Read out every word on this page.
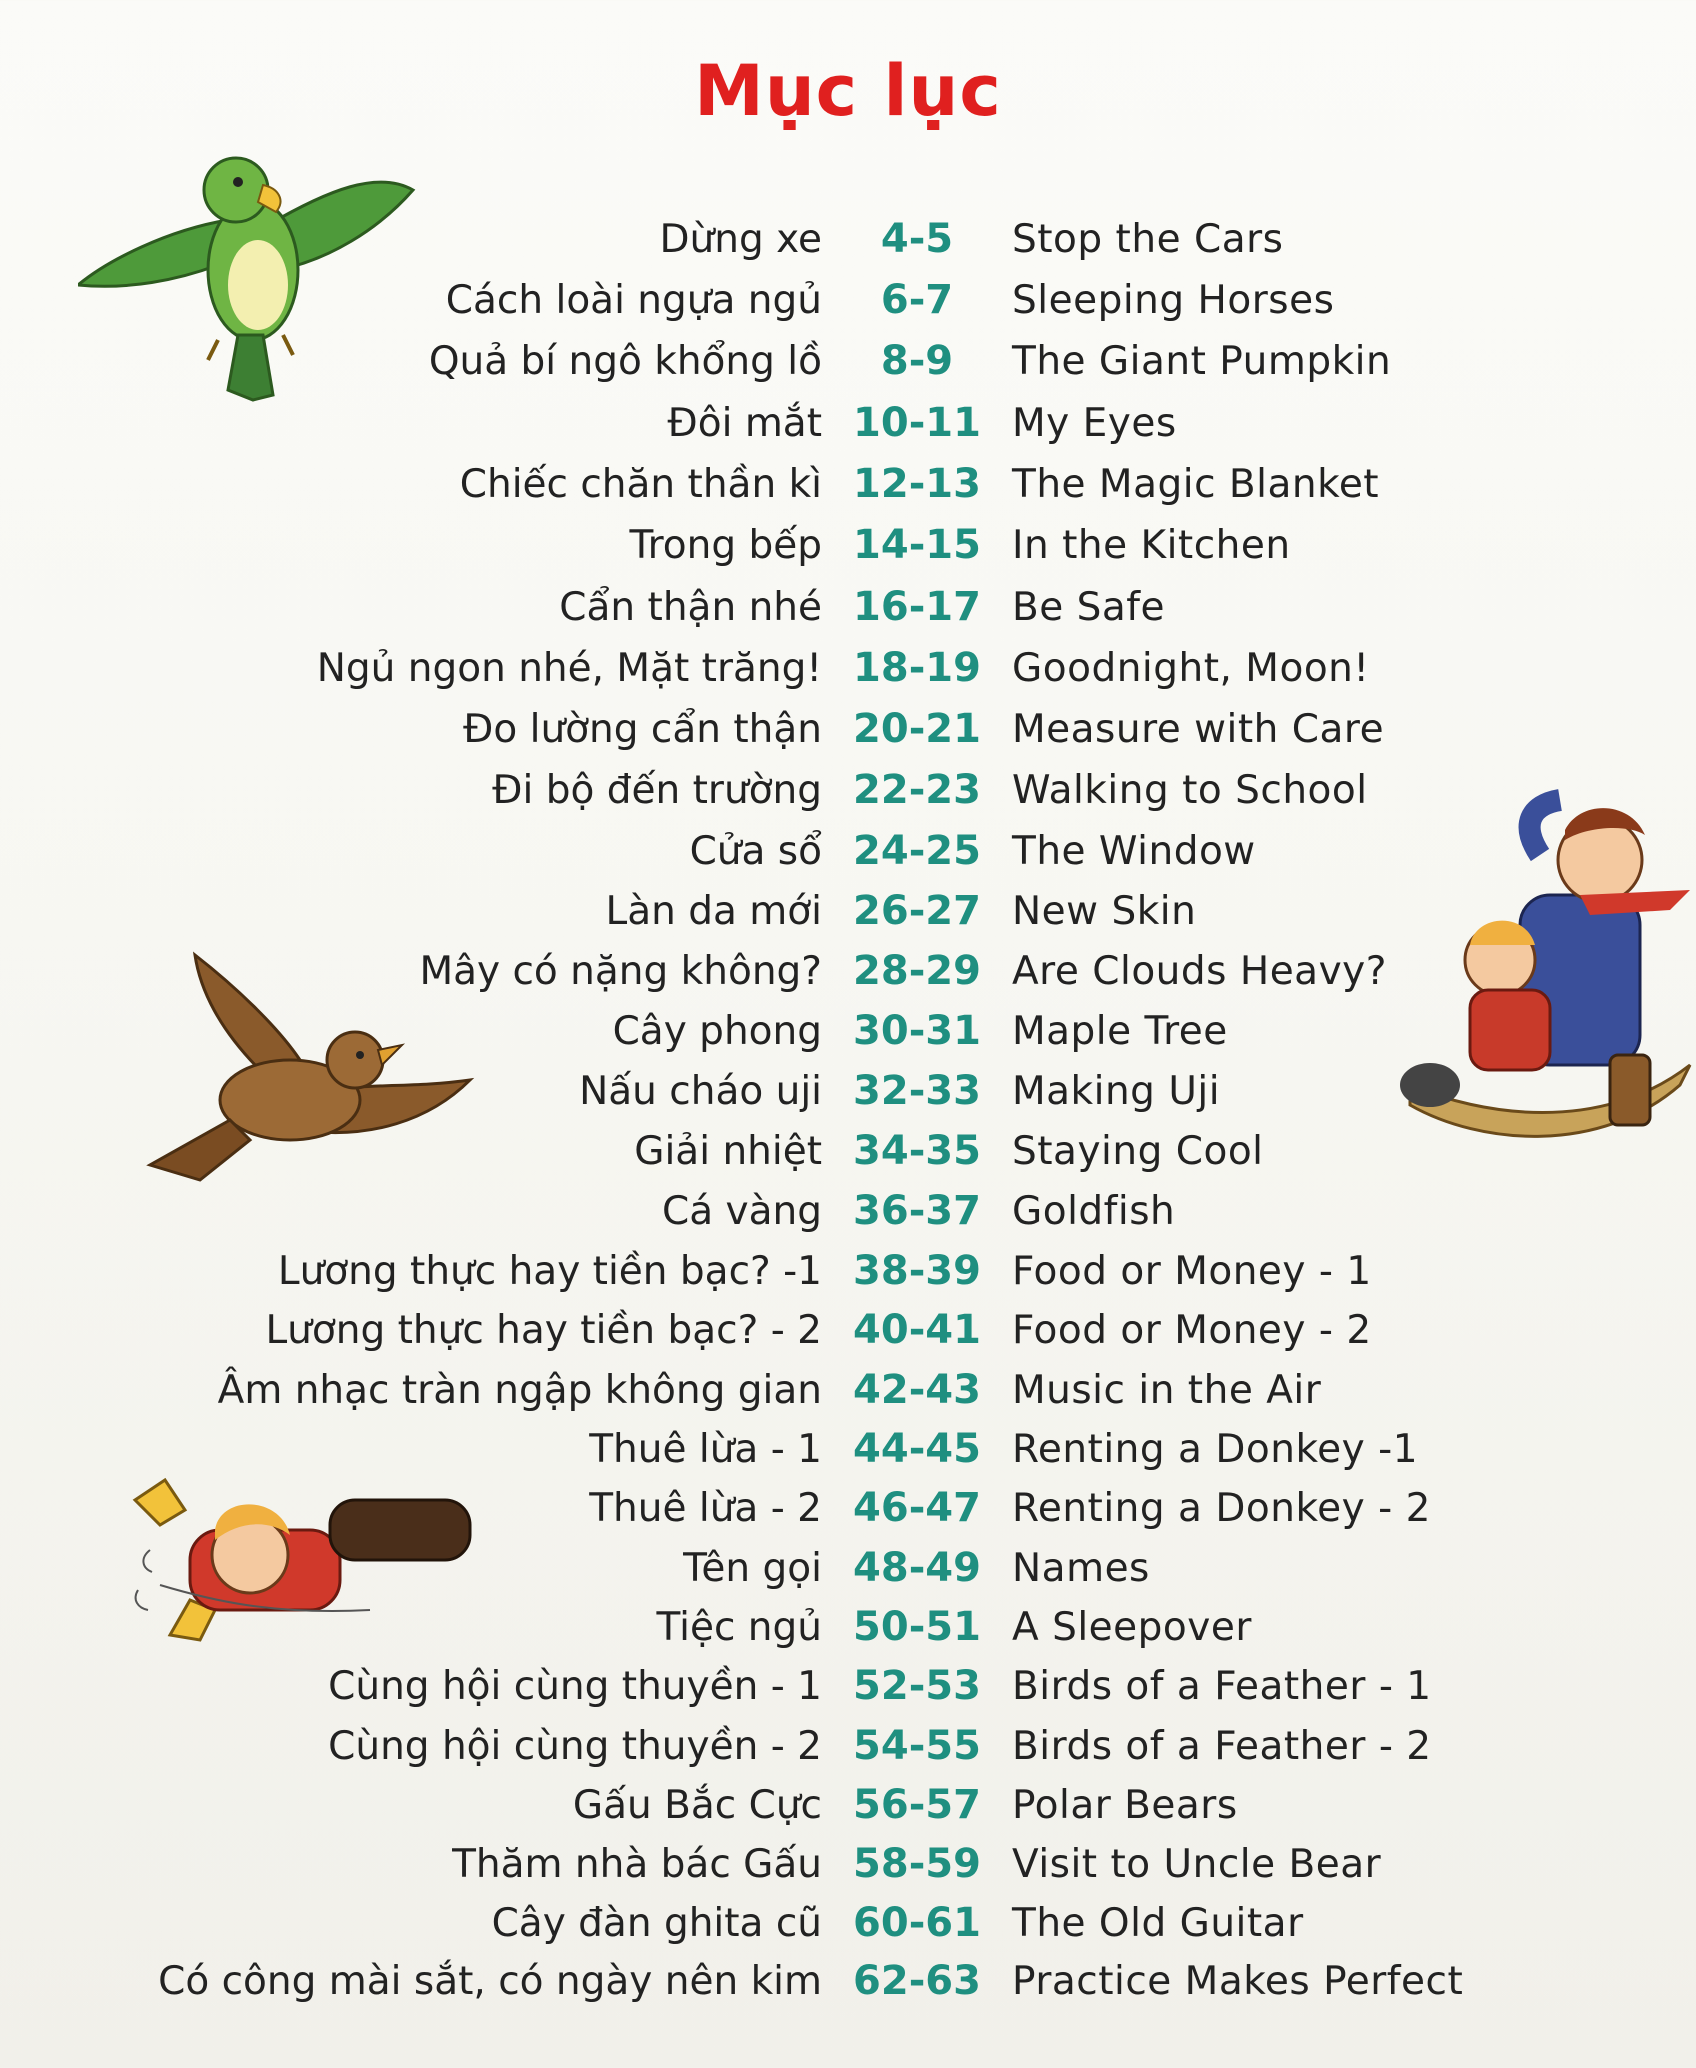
Mục lục
Dừng xe	4-5	Stop the Cars
Cách loài ngựa ngủ	6-7	Sleeping Horses
Quả bí ngô khổng lồ	8-9	The Giant Pumpkin
Đôi mắt 10-11 My Eyes
Chiếc chăn thần kì 12-13 The Magic Blanket
Trong bếp 14-15 In the Kitchen
Cẩn thận nhé 16-17 Be Safe
Ngủ ngon nhé, Mặt trăng! 18-19 Goodnight, Moon!
Đo lường cẩn thận 20-21 Measure with Care
Đi bộ đến trường 22-23 Walking to School
Cửa sổ 24-25 The Window
Làn da mới 26-27 New Skin
Mây có nặng không? 28-29 Are Clouds Heavy?
Cây phong 30-31 Maple Tree
Nấu cháo uji 32-33 Making Uji
Giải nhiệt 34-35 Staying Cool
Cá vàng 36-37 Goldfish
Lương thực hay tiền bạc? -1 38-39 Food or Money - 1
Lương thực hay tiền bạc? - 2 40-41 Food or Money - 2
Âm nhạc tràn ngập không gian 42-43 Music in the Air
Thuê lừa - 1 44-45 Renting a Donkey -1
Thuê lừa - 2 46-47 Renting a Donkey - 2
Tên gọi 48-49 Names
Tiệc ngủ 50-51 A Sleepover
Cùng hội cùng thuyền - 1 52-53 Birds of a Feather - 1
Cùng hội cùng thuyền - 2 54-55 Birds of a Feather - 2
Gấu Bắc Cực 56-57 Polar Bears
Thăm nhà bác Gấu 58-59 Visit to Uncle Bear
Cây đàn ghita cũ 60-61 The Old Guitar
Có công mài sắt, có ngày nên kim 62-63 Practice Makes Perfect
